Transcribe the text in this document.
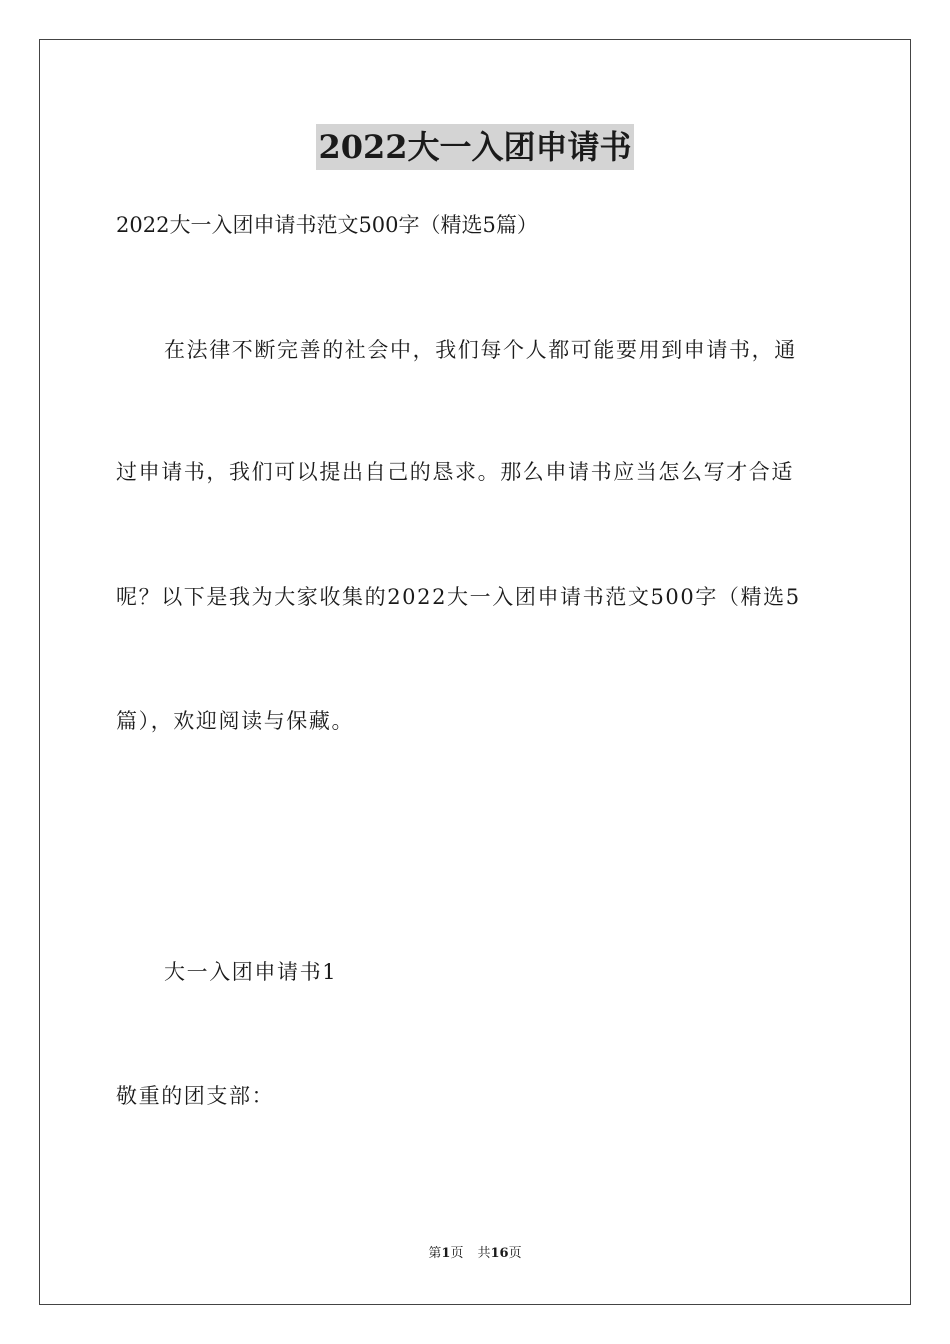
2022大一入团申请书
2022大一入团申请书范文500字（精选5篇）
在法律不断完善的社会中，我们每个人都可能要用到申请书，通
过申请书，我们可以提出自己的恳求。那么申请书应当怎么写才合适
呢？以下是我为大家收集的2022大一入团申请书范文500字（精选5
篇），欢迎阅读与保藏。
大一入团申请书1
敬重的团支部：
第1页 共16页
